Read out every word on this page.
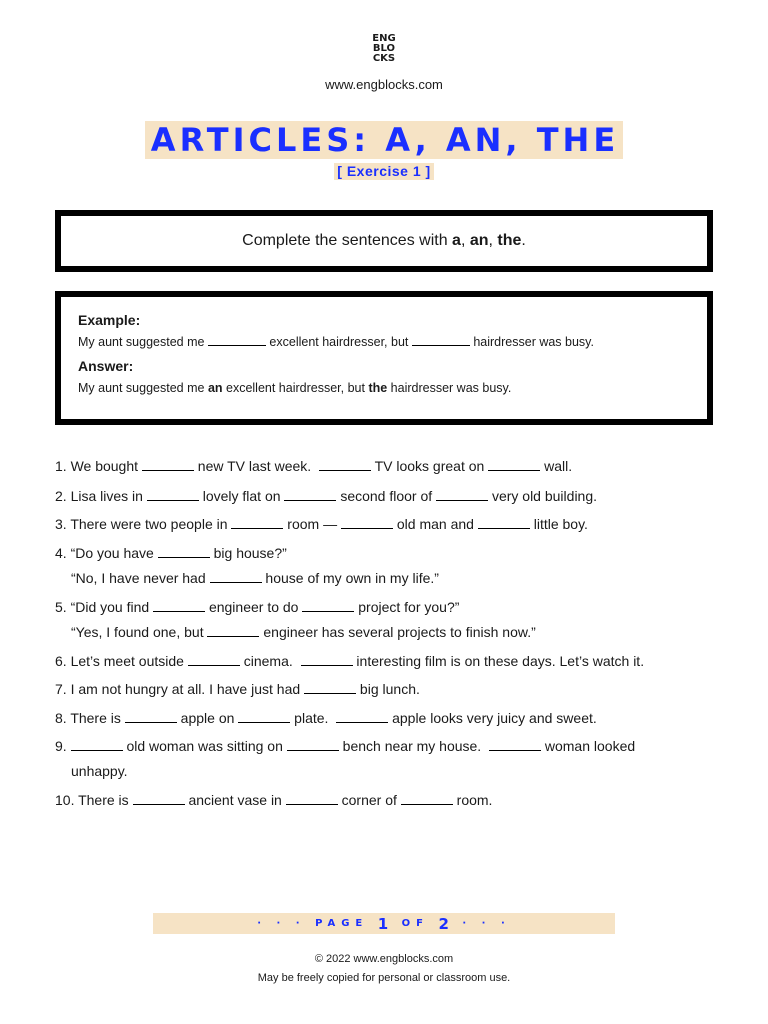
ENG
BLO
CKS
www.engblocks.com
ARTICLES: A, AN, THE
[ Exercise 1 ]
Complete the sentences with a, an, the.

Example:

My aunt suggested me	excellent hairdresser, but	hairdresser was busy.

Answer:

My aunt suggested me an excellent hairdresser, but the hairdresser was busy.

1. We bought	new TV last week.	TV looks great on	wall.
2. Lisa lives in	lovely flat on	second floor of	very old building.
3. There were two people in	room —	old man and	little boy.
4. “Do you have	big house?”
“No, I have never had	house of my own in my life.”
5. “Did you find	engineer to do	project for you?”
“Yes, I found one, but	engineer has several projects to finish now.”
6. Let’s meet outside	cinema.	interesting film is on these days. Let’s watch it.
7. I am not hungry at all. I have just had	big lunch.
8. There is	apple on	plate.	apple looks very juicy and sweet.
9.	old woman was sitting on	bench near my house.	woman looked
unhappy.
10. There is	ancient vase in	corner of	room.
· · · PAGE 1 OF 2 · · ·
© 2022 www.engblocks.com
May be freely copied for personal or classroom use.
